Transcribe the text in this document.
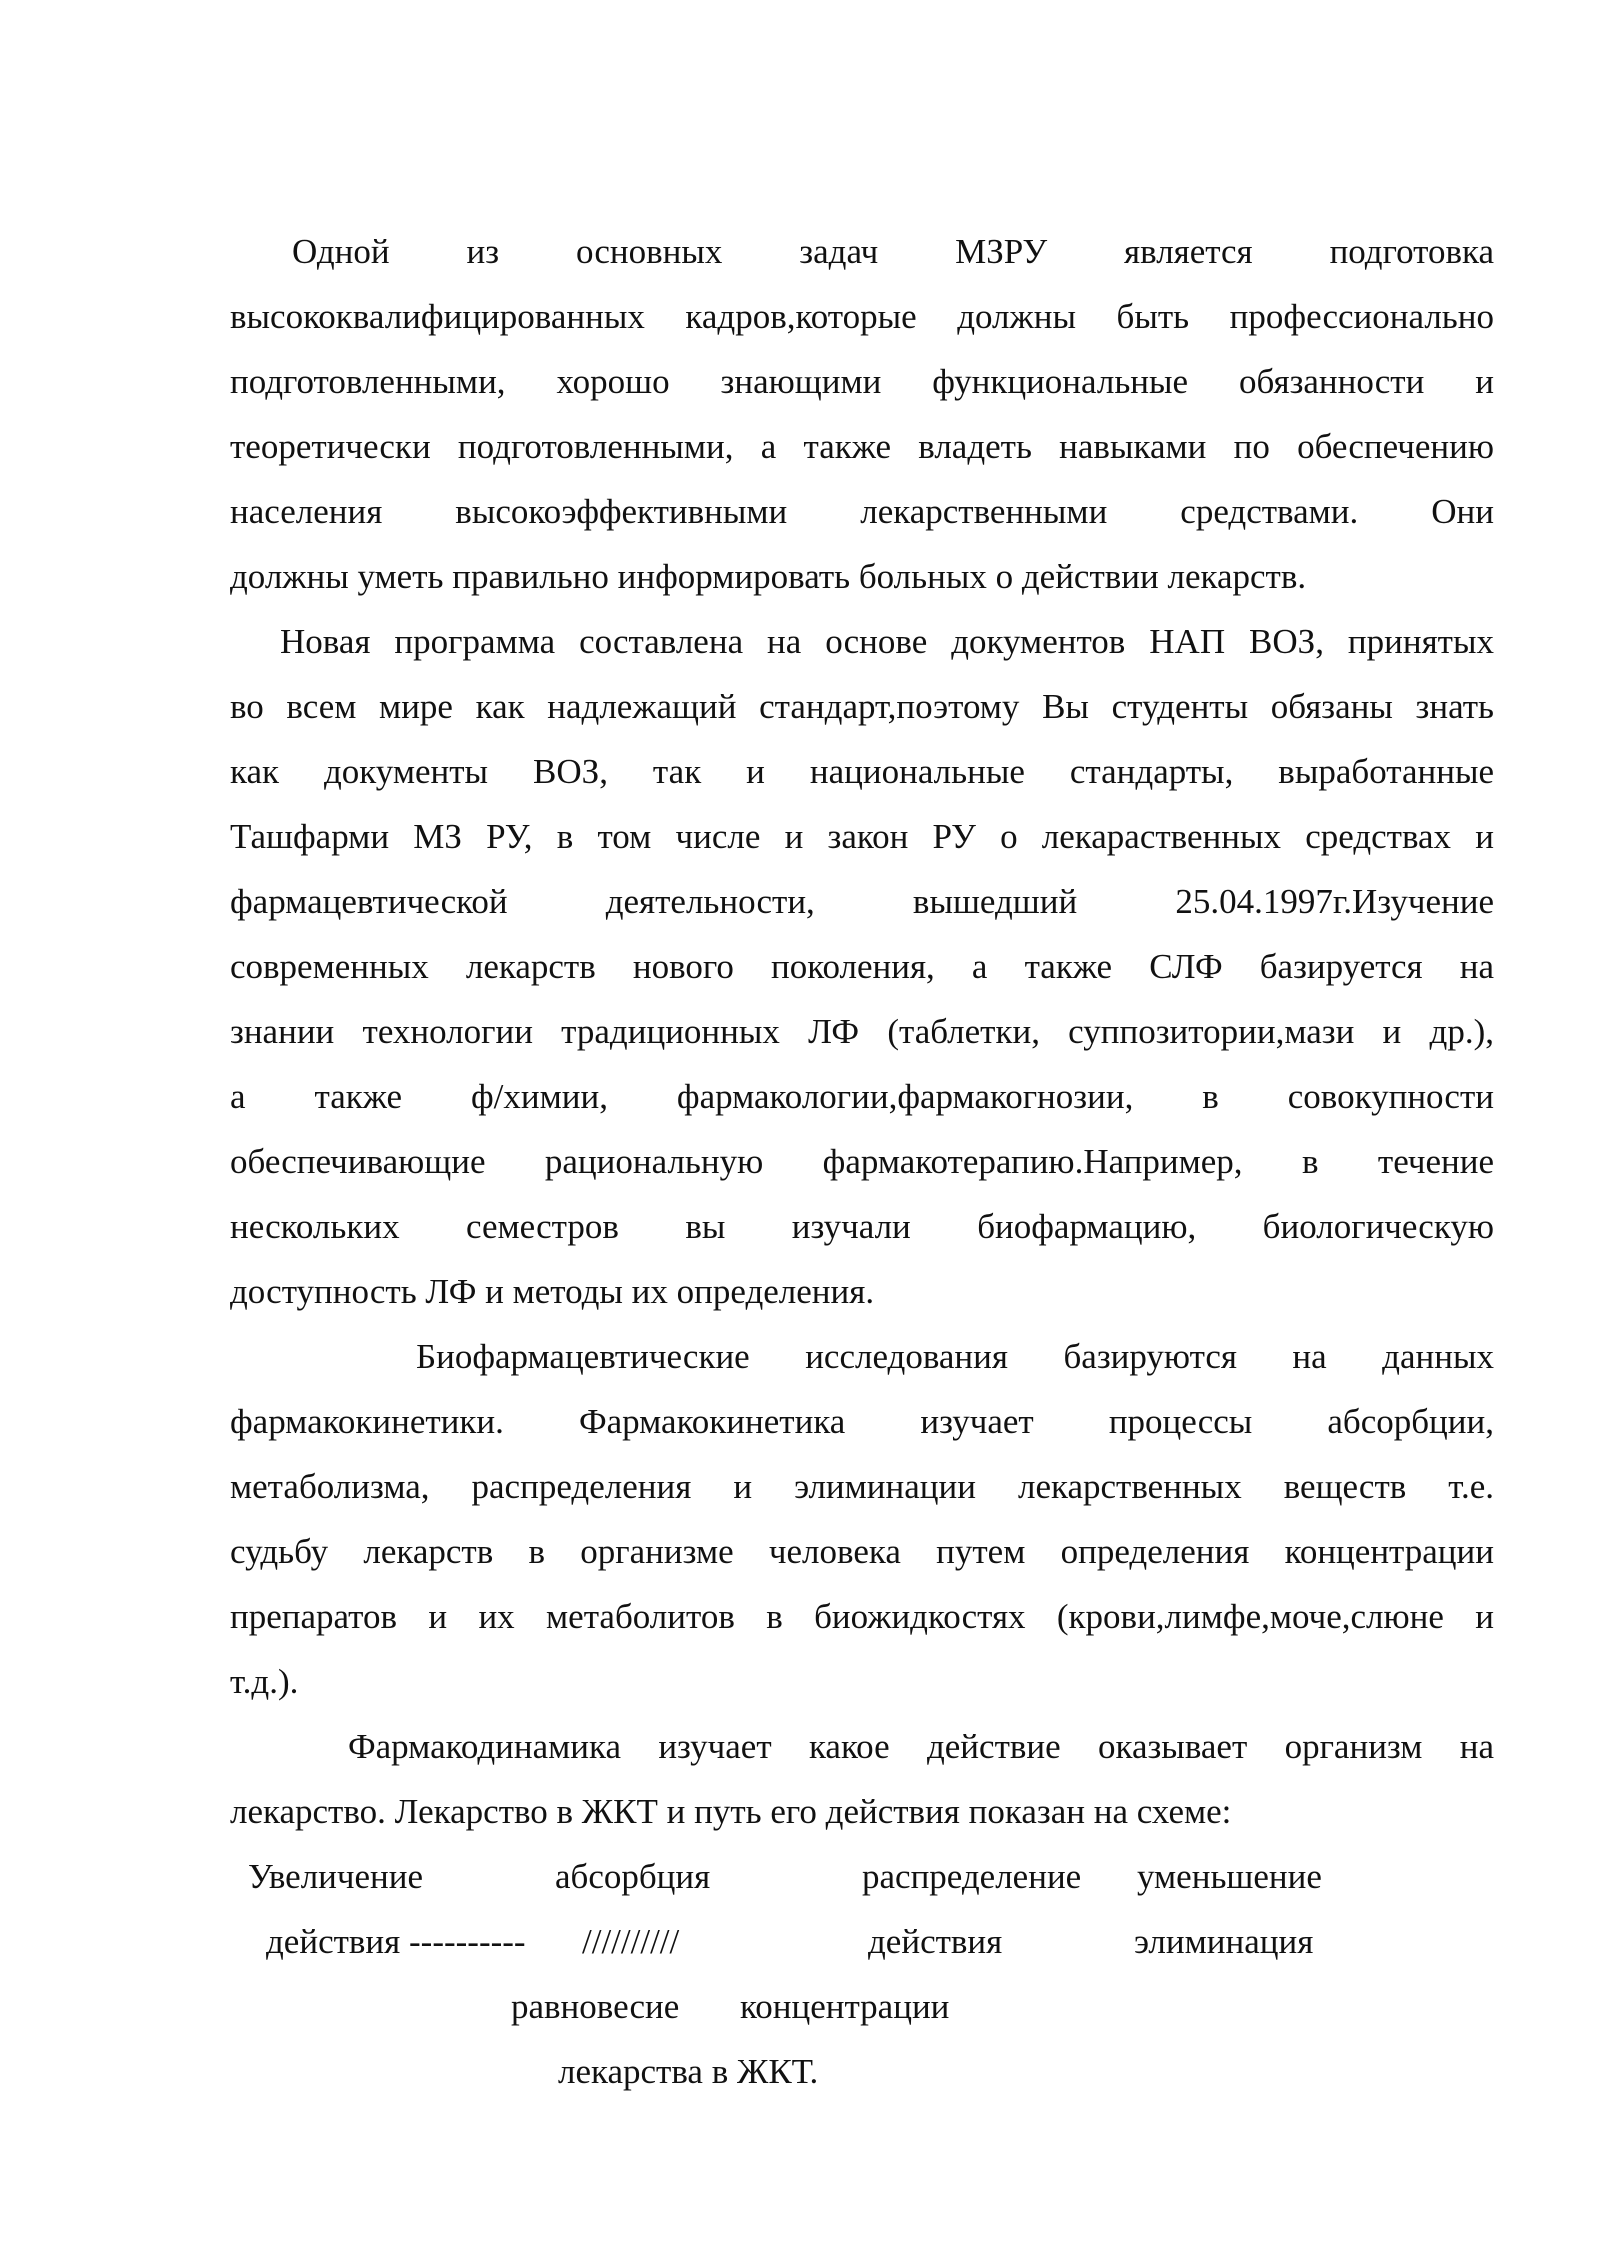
Одной из основных задач МЗРУ является подготовка
высококвалифицированных кадров,которые должны быть профессионально
подготовленными, хорошо знающими функциональные обязанности и
теоретически подготовленными, а также владеть навыками по обеспечению
населения высокоэффективными лекарственными средствами. Они
должны уметь правильно информировать больных о действии лекарств.
Новая программа составлена на основе документов НАП ВОЗ, принятых
во всем мире как надлежащий стандарт,поэтому Вы студенты обязаны знать
как документы ВОЗ, так и национальные стандарты, выработанные
Ташфарми МЗ РУ, в том числе и закон РУ о лекараственных средствах и
фармацевтической деятельности, вышедший 25.04.1997г.Изучение
современных лекарств нового поколения, а также СЛФ базируется на
знании технологии традиционных ЛФ (таблетки, суппозитории,мази и др.),
а также ф/химии, фармакологии,фармакогнозии, в совокупности
обеспечивающие рациональную фармакотерапию.Например, в течение
нескольких семестров вы изучали биофармацию, биологическую
доступность ЛФ и методы их определения.
Биофармацевтические исследования базируются на данных
фармакокинетики. Фармакокинетика изучает процессы абсорбции,
метаболизма, распределения и элиминации лекарственных веществ т.е.
судьбу лекарств в организме человека путем определения концентрации
препаратов и их метаболитов в биожидкостях (крови,лимфе,моче,слюне и
т.д.).
Фармакодинамика изучает какое действие оказывает организм на
лекарство. Лекарство в ЖКТ и путь его действия показан на схеме:
Увеличение	абсорбция	распределение уменьшение
действия ---------- //////////	действия	элиминация
равновесие концентрации
лекарства в ЖКТ.
